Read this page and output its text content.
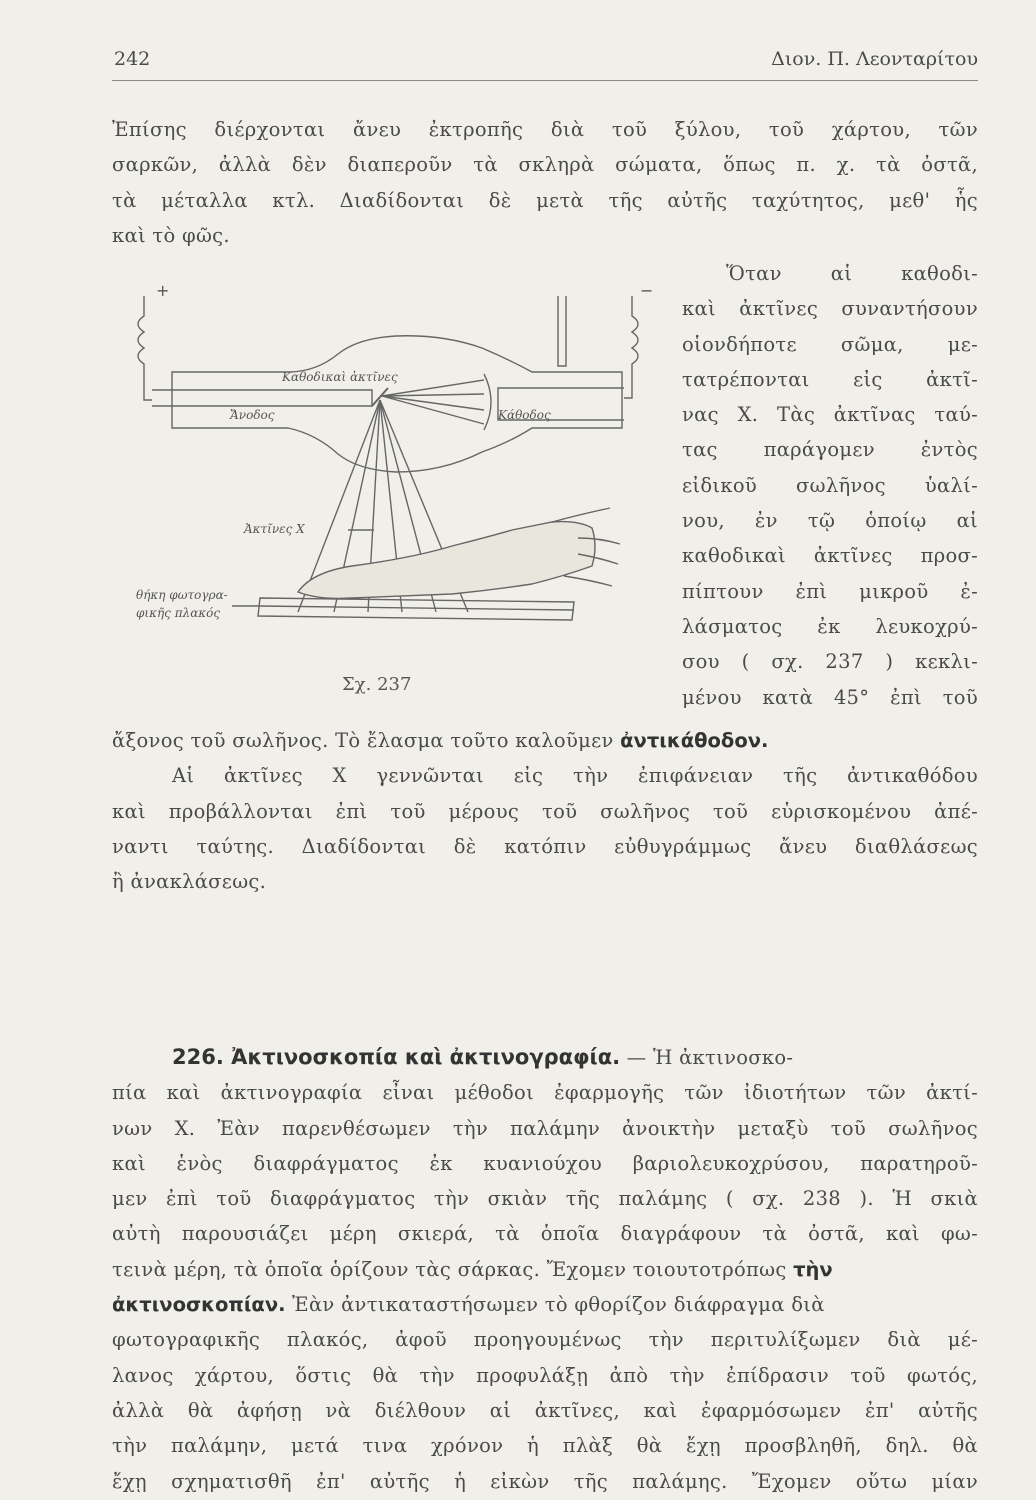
242	Διον. Π. Λεονταρίτου
Ἐπίσης διέρχονται ἄνευ ἐκτροπῆς διὰ τοῦ ξύλου, τοῦ χάρτου, τῶν
σαρκῶν, ἀλλὰ δὲν διαπεροῦν τὰ σκληρὰ σώματα, ὅπως π. χ. τὰ ὀστᾶ,
τὰ μέταλλα κτλ. Διαδίδονται δὲ μετὰ τῆς αὐτῆς ταχύτητος, μεθ' ἧς
καὶ τὸ φῶς.
+	−
Καθοδικαὶ ἀκτῖνες
Ἄνοδος	Κάθοδος
Ἀκτῖνες Χ
θήκη φωτογρα-
φικῆς πλακός
Σχ. 237
Ὅταν αἱ καθοδι-
καὶ ἀκτῖνες συναντήσουν
οἱονδήποτε σῶμα, με-
τατρέπονται εἰς ἀκτῖ-
νας Χ. Τὰς ἀκτῖνας ταύ-
τας παράγομεν ἐντὸς
εἰδικοῦ σωλῆνος ὑαλί-
νου, ἐν τῷ ὁποίῳ αἱ
καθοδικαὶ ἀκτῖνες προσ-
πίπτουν ἐπὶ μικροῦ ἐ-
λάσματος ἐκ λευκοχρύ-
σου ( σχ. 237 ) κεκλι-
μένου κατὰ 45° ἐπὶ τοῦ
ἄξονος τοῦ σωλῆνος. Τὸ ἔλασμα τοῦτο καλοῦμεν ἀντικάθοδον.
Αἱ ἀκτῖνες Χ γεννῶνται εἰς τὴν ἐπιφάνειαν τῆς ἀντικαθόδου
καὶ προβάλλονται ἐπὶ τοῦ μέρους τοῦ σωλῆνος τοῦ εὑρισκομένου ἀπέ-
ναντι ταύτης. Διαδίδονται δὲ κατόπιν εὐθυγράμμως ἄνευ διαθλάσεως
ἢ ἀνακλάσεως.
226. Ἀκτινοσκοπία καὶ ἀκτινογραφία. — Ἡ ἀκτινοσκο-
πία καὶ ἀκτινογραφία εἶναι μέθοδοι ἐφαρμογῆς τῶν ἰδιοτήτων τῶν ἀκτί-
νων Χ. Ἐὰν παρενθέσωμεν τὴν παλάμην ἀνοικτὴν μεταξὺ τοῦ σωλῆνος
καὶ ἑνὸς διαφράγματος ἐκ κυανιούχου βαριολευκοχρύσου, παρατηροῦ-
μεν ἐπὶ τοῦ διαφράγματος τὴν σκιὰν τῆς παλάμης ( σχ. 238 ). Ἡ σκιὰ
αὐτὴ παρουσιάζει μέρη σκιερά, τὰ ὁποῖα διαγράφουν τὰ ὀστᾶ, καὶ φω-
τεινὰ μέρη, τὰ ὁποῖα ὁρίζουν τὰς σάρκας. Ἔχομεν τοιουτοτρόπως τὴν
ἀκτινοσκοπίαν. Ἐὰν ἀντικαταστήσωμεν τὸ φθορίζον διάφραγμα διὰ
φωτογραφικῆς πλακός, ἀφοῦ προηγουμένως τὴν περιτυλίξωμεν διὰ μέ-
λανος χάρτου, ὅστις θὰ τὴν προφυλάξῃ ἀπὸ τὴν ἐπίδρασιν τοῦ φωτός,
ἀλλὰ θὰ ἀφήσῃ νὰ διέλθουν αἱ ἀκτῖνες, καὶ ἐφαρμόσωμεν ἐπ' αὐτῆς
τὴν παλάμην, μετά τινα χρόνον ἡ πλὰξ θὰ ἔχῃ προσβληθῆ, δηλ. θὰ
ἔχῃ σχηματισθῆ ἐπ' αὐτῆς ἡ εἰκὼν τῆς παλάμης. Ἔχομεν οὕτω μίαν
